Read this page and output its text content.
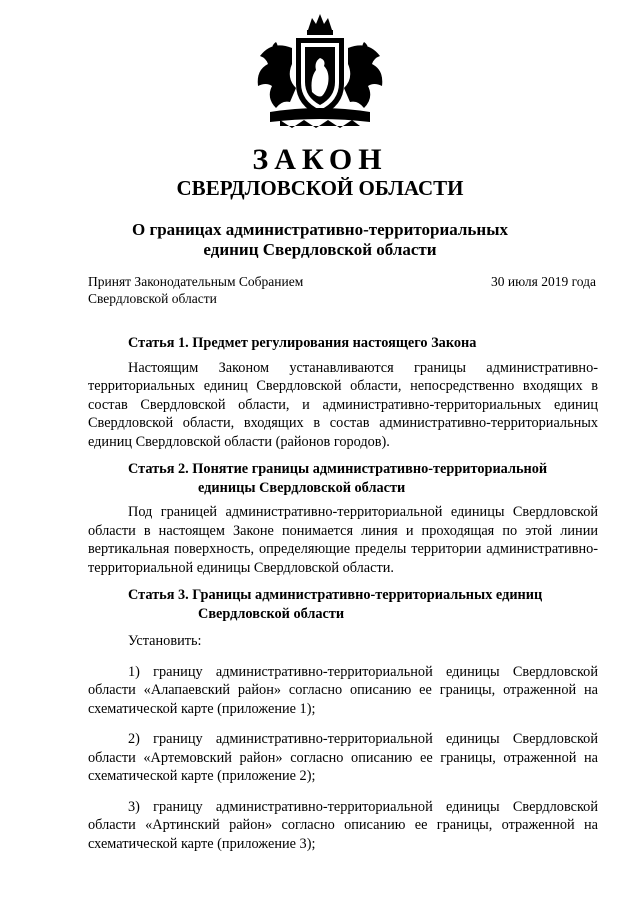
ЗАКОН
СВЕРДЛОВСКОЙ ОБЛАСТИ
О границах административно-территориальных
единиц Свердловской области
Принят Законодательным Собранием
Свердловской области
30 июля 2019 года
Статья 1. Предмет регулирования настоящего Закона

Настоящим Законом устанавливаются границы административно-территориальных единиц Свердловской области, непосредственно входящих в состав Свердловской области, и административно-территориальных единиц Свердловской области, входящих в состав административно-территориальных единиц Свердловской области (районов городов).

Статья 2. Понятие границы административно-территориальной
единицы Свердловской области

Под границей административно-территориальной единицы Свердловской области в настоящем Законе понимается линия и проходящая по этой линии вертикальная поверхность, определяющие пределы территории административно-территориальной единицы Свердловской области.

Статья 3. Границы административно-территориальных единиц
Свердловской области

Установить:

1) границу административно-территориальной единицы Свердловской области «Алапаевский район» согласно описанию ее границы, отраженной на схематической карте (приложение 1);

2) границу административно-территориальной единицы Свердловской области «Артемовский район» согласно описанию ее границы, отраженной на схематической карте (приложение 2);

3) границу административно-территориальной единицы Свердловской области «Артинский район» согласно описанию ее границы, отраженной на схематической карте (приложение 3);
